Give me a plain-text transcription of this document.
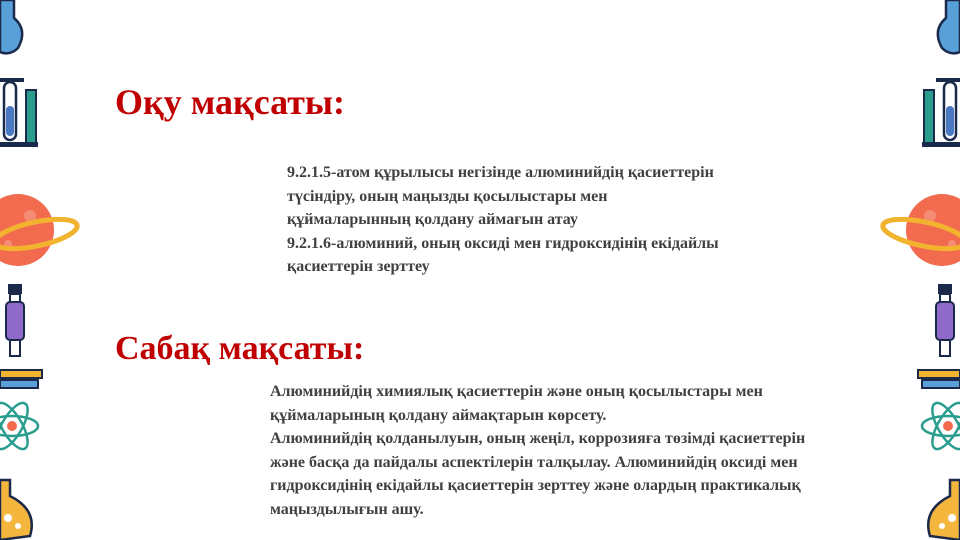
Оқу мақсаты:

9.2.1.5-атом құрылысы негізінде алюминийдің қасиеттерін

түсіндіру, оның маңызды қосылыстары мен

құймаларынның қолдану аймағын атау

9.2.1.6-алюминий, оның оксиді мен гидроксидінің екідайлы

қасиеттерін зерттеу

Сабақ мақсаты:

Алюминийдің химиялық қасиеттерін және оның қосылыстары мен

құймаларының қолдану аймақтарын көрсету.

Алюминийдің қолданылуын, оның жеңіл, коррозияға төзімді қасиеттерін

және басқа да пайдалы аспектілерін талқылау. Алюминийдің оксиді мен

гидроксидінің екідайлы қасиеттерін зерттеу және олардың практикалық

маңыздылығын ашу.
